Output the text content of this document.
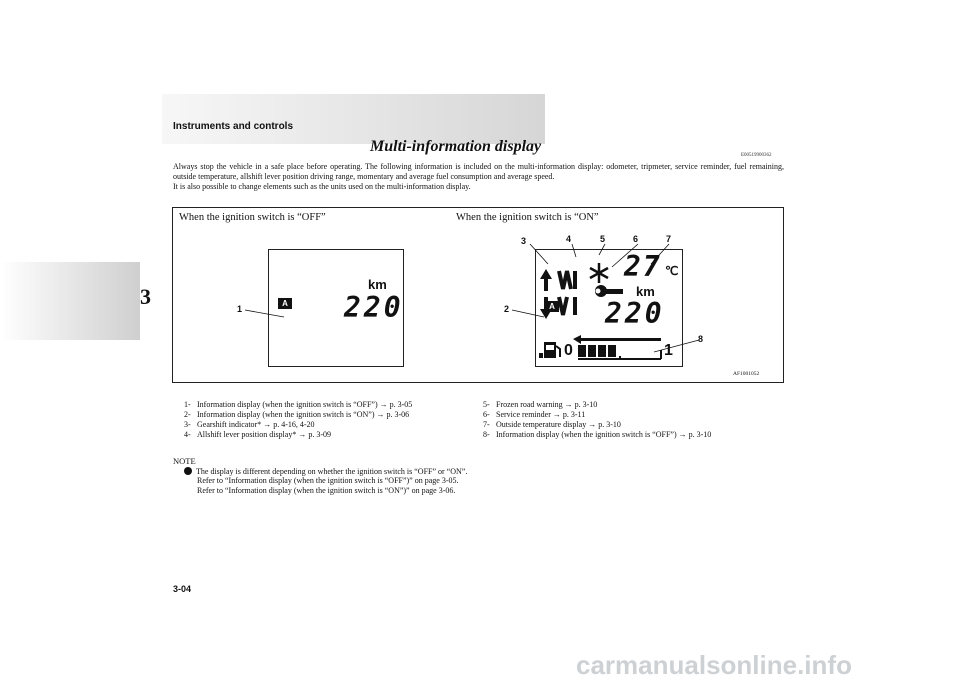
Instruments and controls
3
Multi-information display
E00519900362

Always stop the vehicle in a safe place before operating. The following information is included on the multi-information display: odometer, tripmeter, service reminder, fuel remaining, outside temperature, allshift lever position driving range, momentary and average fuel consumption and average speed.

It is also possible to change elements such as the units used on the multi-information display.

When the ignition switch is “OFF”	When the ignition switch is “ON”
AF1001052
A
km
220	A
27 ℃
km
220
0	1
1	2
3	4	5	6	7
8
1- Information display (when the ignition switch is “OFF”) → p. 3-05
2- Information display (when the ignition switch is “ON”) → p. 3-06
3- Gearshift indicator* → p. 4-16, 4-20
4- Allshift lever position display* → p. 3-09
5- Frozen road warning → p. 3-10
6- Service reminder → p. 3-11
7- Outside temperature display → p. 3-10
8- Information display (when the ignition switch is “OFF”) → p. 3-10
NOTE
The display is different depending on whether the ignition switch is “OFF” or “ON”.
Refer to “Information display (when the ignition switch is “OFF”)” on page 3-05.
Refer to “Information display (when the ignition switch is “ON”)” on page 3-06.
3-04
carmanualsonline.info
